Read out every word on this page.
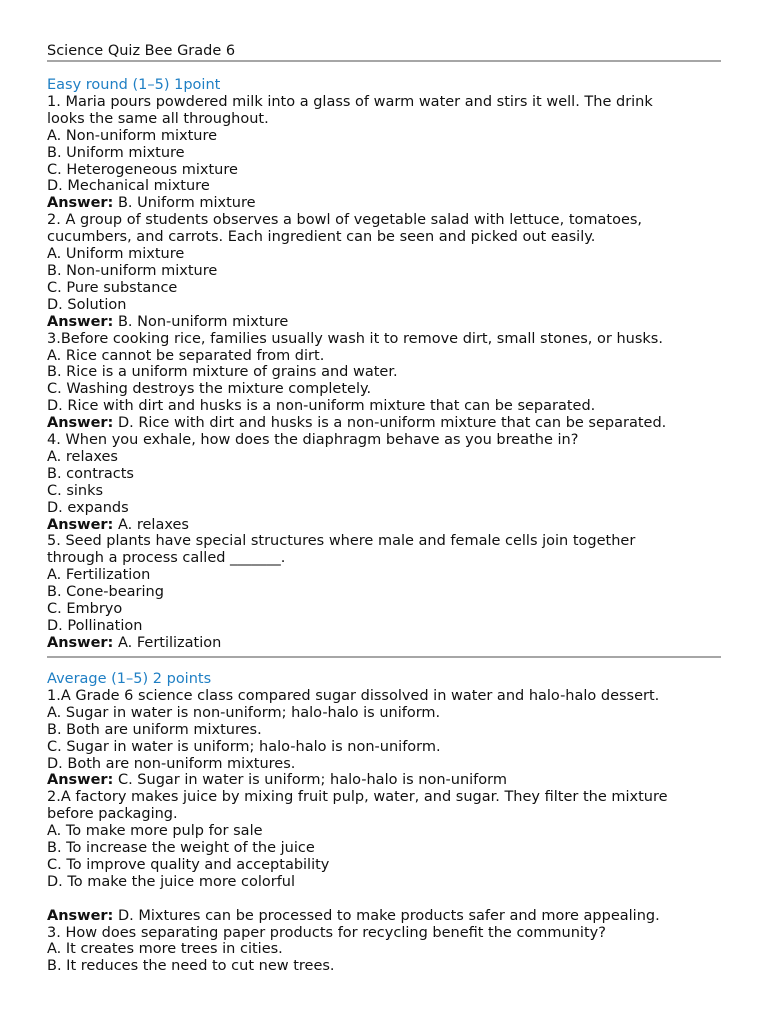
Science Quiz Bee Grade 6
Easy round (1–5) 1point
1. Maria pours powdered milk into a glass of warm water and stirs it well. The drink
looks the same all throughout.
A. Non-uniform mixture
B. Uniform mixture
C. Heterogeneous mixture
D. Mechanical mixture
Answer: B. Uniform mixture
2. A group of students observes a bowl of vegetable salad with lettuce, tomatoes,
cucumbers, and carrots. Each ingredient can be seen and picked out easily.
A. Uniform mixture
B. Non-uniform mixture
C. Pure substance
D. Solution
Answer: B. Non-uniform mixture
3.Before cooking rice, families usually wash it to remove dirt, small stones, or husks.
A. Rice cannot be separated from dirt.
B. Rice is a uniform mixture of grains and water.
C. Washing destroys the mixture completely.
D. Rice with dirt and husks is a non-uniform mixture that can be separated.
Answer: D. Rice with dirt and husks is a non-uniform mixture that can be separated.
4. When you exhale, how does the diaphragm behave as you breathe in?
A. relaxes
B. contracts
C. sinks
D. expands
Answer: A. relaxes
5. Seed plants have special structures where male and female cells join together
through a process called _______.
A. Fertilization
B. Cone-bearing
C. Embryo
D. Pollination
Answer: A. Fertilization
Average (1–5) 2 points
1.A Grade 6 science class compared sugar dissolved in water and halo-halo dessert.
A. Sugar in water is non-uniform; halo-halo is uniform.
B. Both are uniform mixtures.
C. Sugar in water is uniform; halo-halo is non-uniform.
D. Both are non-uniform mixtures.
Answer: C. Sugar in water is uniform; halo-halo is non-uniform
2.A factory makes juice by mixing fruit pulp, water, and sugar. They filter the mixture
before packaging.
A. To make more pulp for sale
B. To increase the weight of the juice
C. To improve quality and acceptability
D. To make the juice more colorful
Answer: D. Mixtures can be processed to make products safer and more appealing.
3. How does separating paper products for recycling benefit the community?
A. It creates more trees in cities.
B. It reduces the need to cut new trees.
